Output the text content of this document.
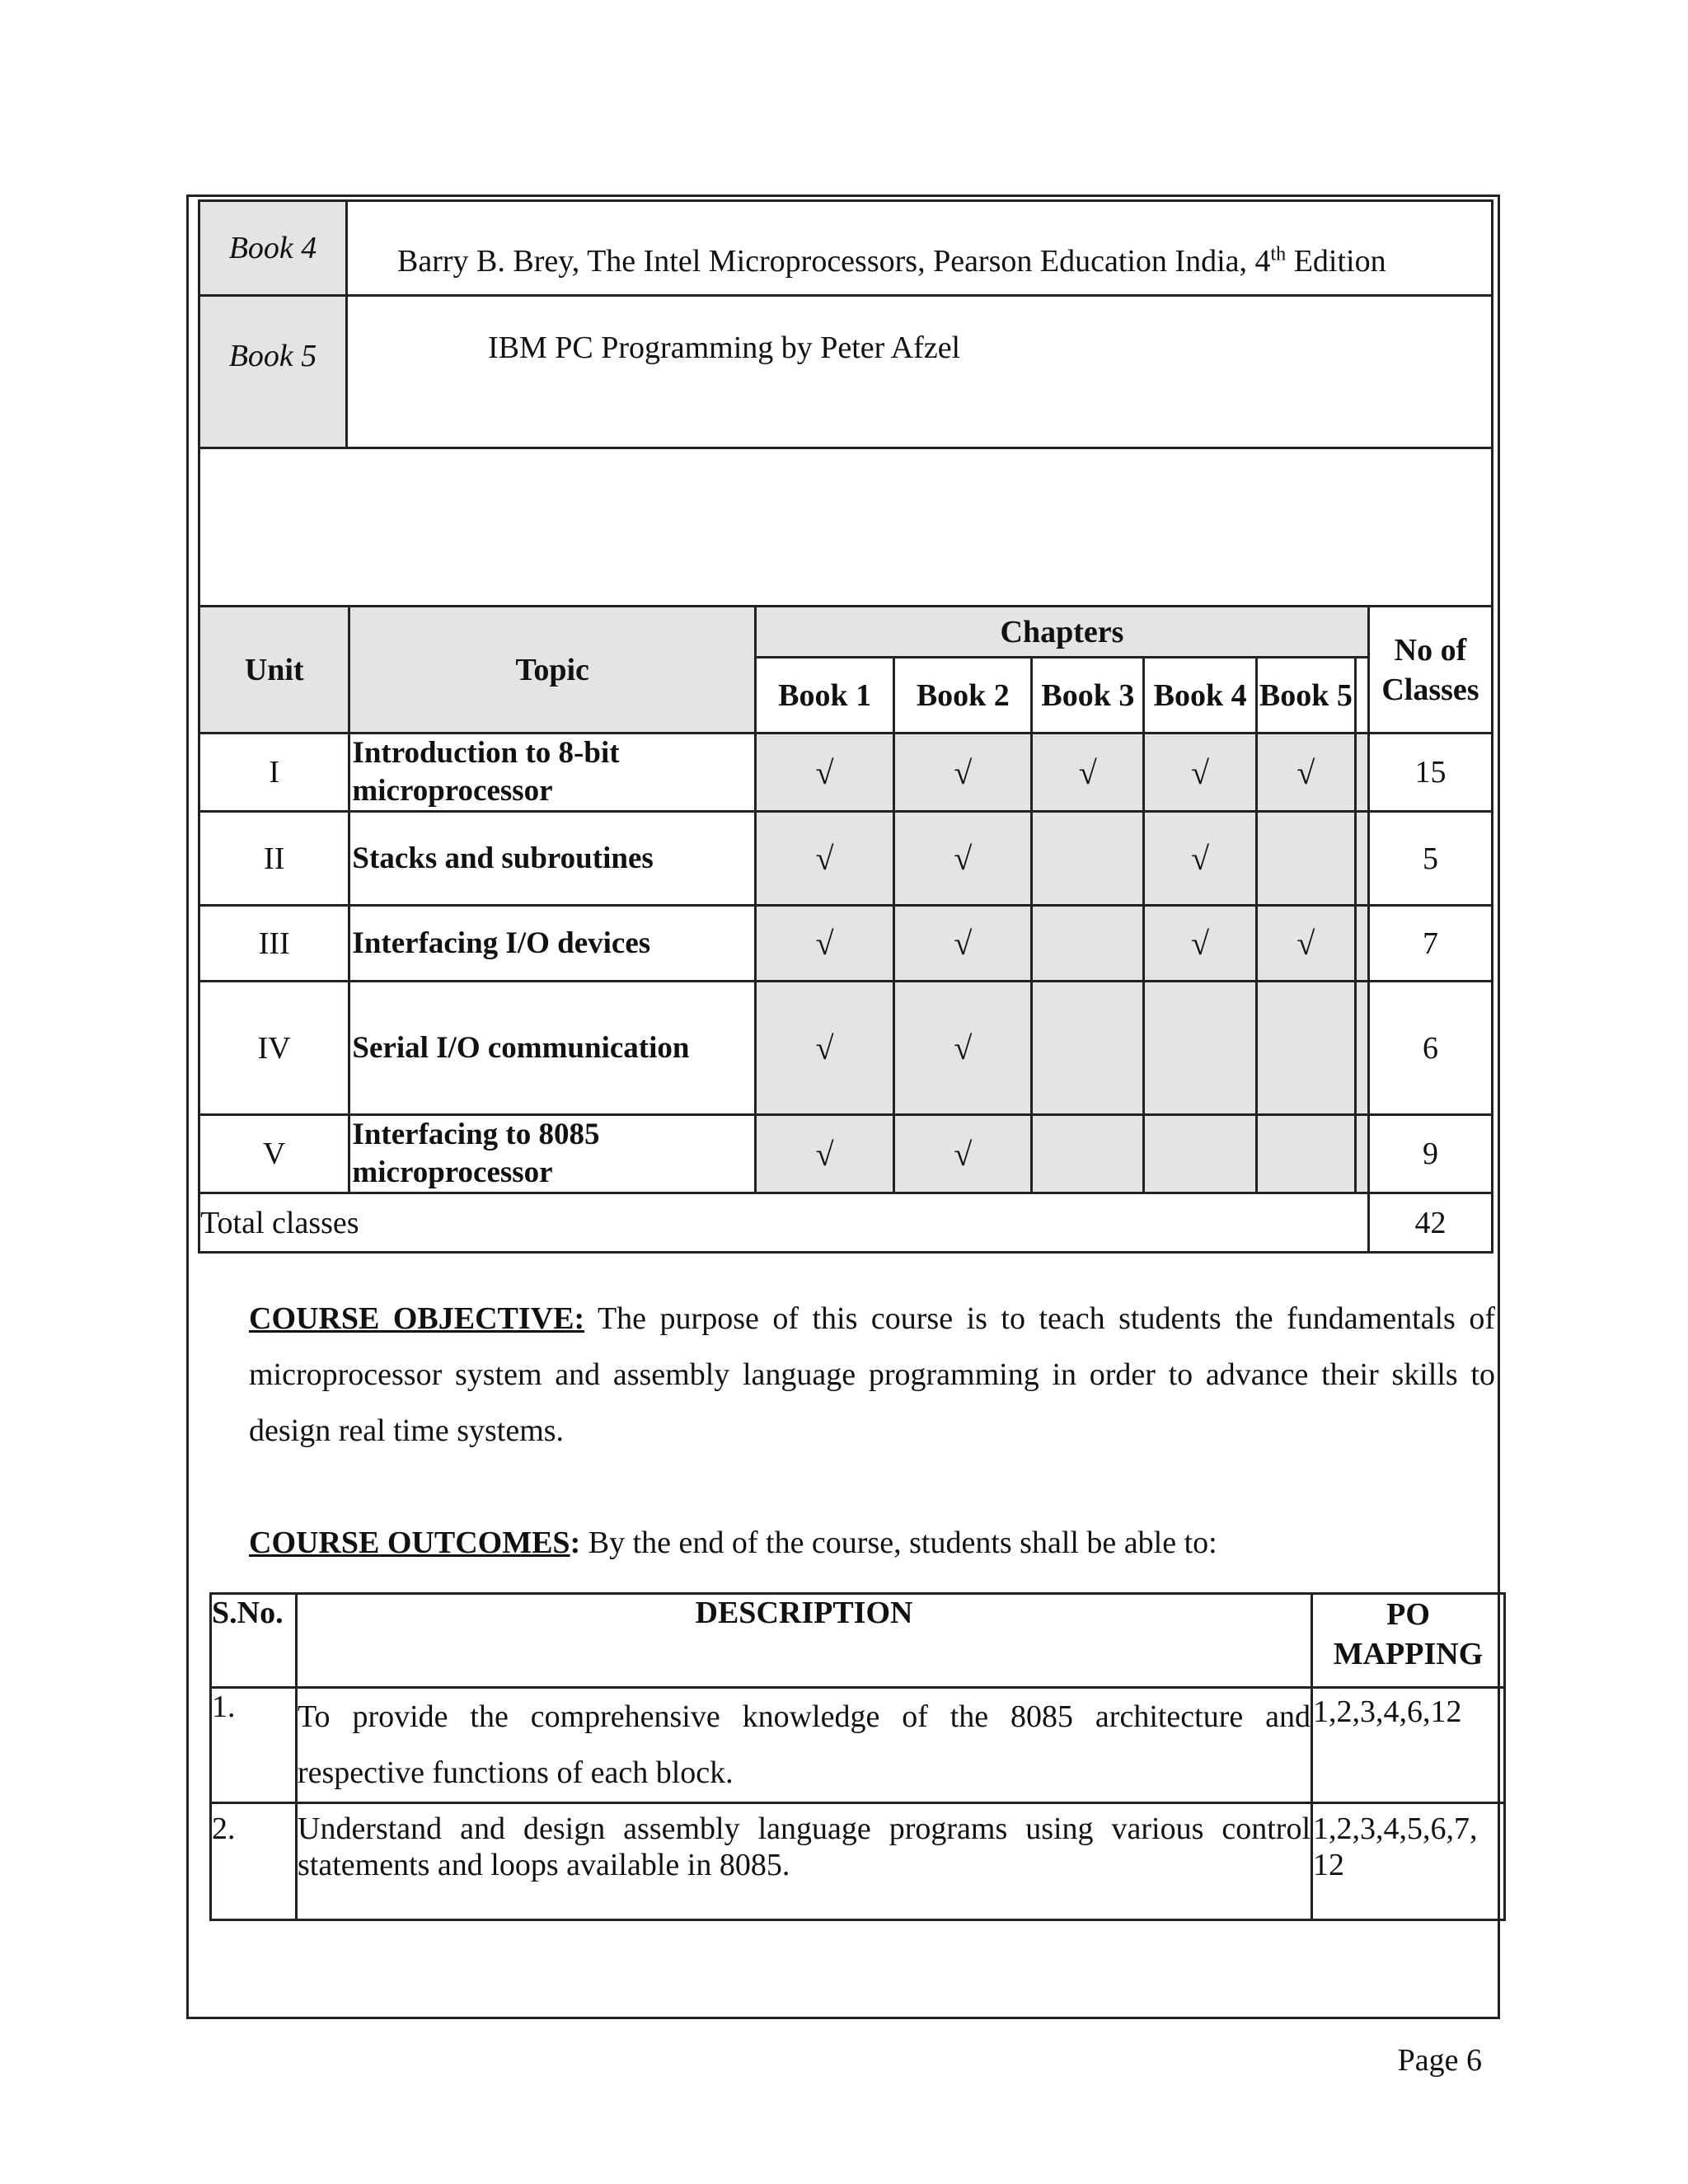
Book 4	Barry B. Brey, The Intel Microprocessors, Pearson Education India, 4th Edition
Book 5	IBM PC Programming by Peter Afzel
Unit	Topic	Chapters						No of Classes
		Book 1	Book 2	Book 3	Book 4	Book 5		
I	Introduction to 8-bit microprocessor	√	√	√	√	√		15
II	Stacks and subroutines	√	√		√			5
III	Interfacing I/O devices	√	√		√	√		7
IV	Serial I/O communication	√	√					6
V	Interfacing to 8085 microprocessor	√	√					9
Total classes								42
COURSE OBJECTIVE: The purpose of this course is to teach students the fundamentals of microprocessor system and assembly language programming in order to advance their skills to design real time systems.
COURSE OUTCOMES: By the end of the course, students shall be able to:
S.No.	DESCRIPTION	PO MAPPING
1.	To provide the comprehensive knowledge of the 8085 architecture and respective functions of each block.	1,2,3,4,6,12
2.	Understand and design assembly language programs using various control statements and loops available in 8085.	1,2,3,4,5,6,7, 12
Page 6
